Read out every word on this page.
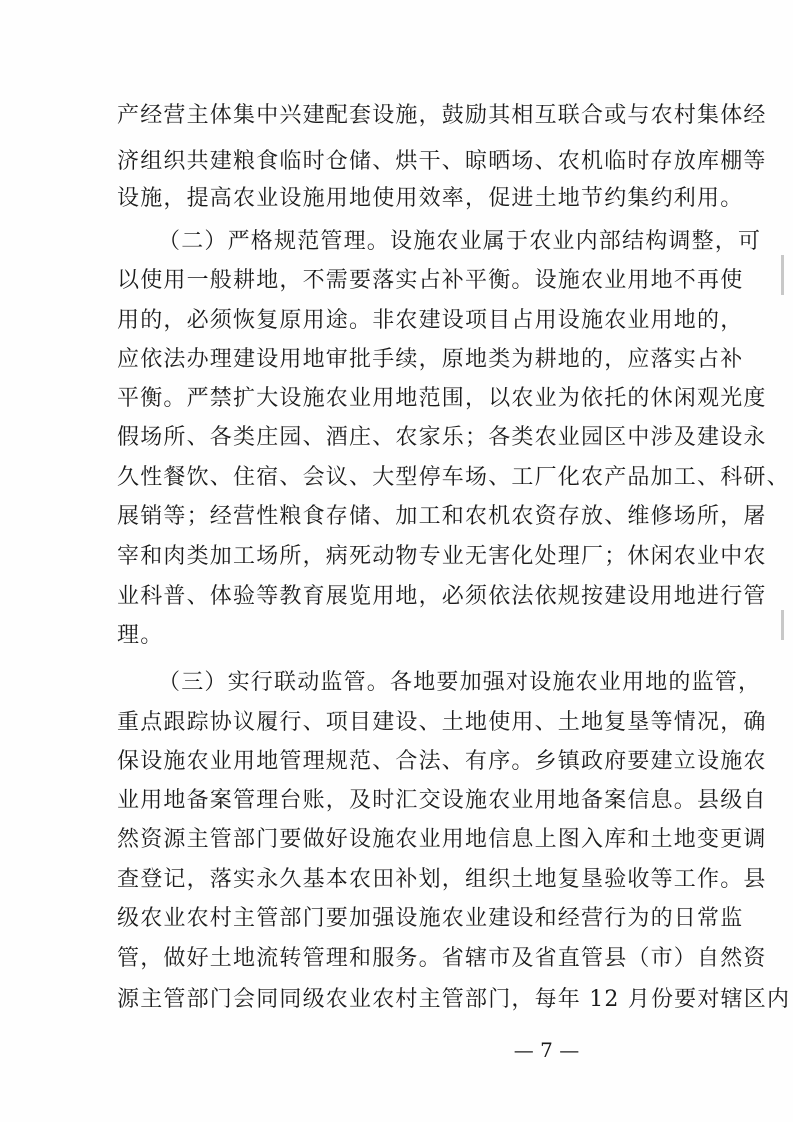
产经营主体集中兴建配套设施，鼓励其相互联合或与农村集体经
济组织共建粮食临时仓储、烘干、晾晒场、农机临时存放库棚等
设施，提高农业设施用地使用效率，促进土地节约集约利用。
（二）严格规范管理。设施农业属于农业内部结构调整，可
以使用一般耕地，不需要落实占补平衡。设施农业用地不再使
用的，必须恢复原用途。非农建设项目占用设施农业用地的，
应依法办理建设用地审批手续，原地类为耕地的，应落实占补
平衡。严禁扩大设施农业用地范围，以农业为依托的休闲观光度
假场所、各类庄园、酒庄、农家乐；各类农业园区中涉及建设永
久性餐饮、住宿、会议、大型停车场、工厂化农产品加工、科研、
展销等；经营性粮食存储、加工和农机农资存放、维修场所，屠
宰和肉类加工场所，病死动物专业无害化处理厂；休闲农业中农
业科普、体验等教育展览用地，必须依法依规按建设用地进行管
理。
（三）实行联动监管。各地要加强对设施农业用地的监管，
重点跟踪协议履行、项目建设、土地使用、土地复垦等情况，确
保设施农业用地管理规范、合法、有序。乡镇政府要建立设施农
业用地备案管理台账，及时汇交设施农业用地备案信息。县级自
然资源主管部门要做好设施农业用地信息上图入库和土地变更调
查登记，落实永久基本农田补划，组织土地复垦验收等工作。县
级农业农村主管部门要加强设施农业建设和经营行为的日常监
管，做好土地流转管理和服务。省辖市及省直管县（市）自然资
源主管部门会同同级农业农村主管部门，每年 12 月份要对辖区内
— 7 —
